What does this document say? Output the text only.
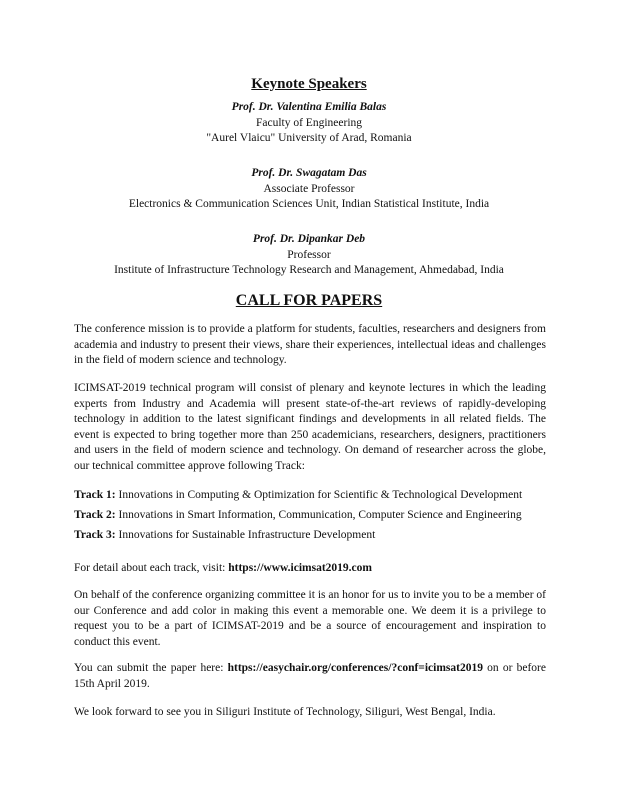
Keynote Speakers
Prof. Dr. Valentina Emilia Balas
Faculty of Engineering
"Aurel Vlaicu" University of Arad, Romania
Prof. Dr. Swagatam Das
Associate Professor
Electronics & Communication Sciences Unit, Indian Statistical Institute, India
Prof. Dr. Dipankar Deb
Professor
Institute of Infrastructure Technology Research and Management, Ahmedabad, India
CALL FOR PAPERS
The conference mission is to provide a platform for students, faculties, researchers and designers from academia and industry to present their views, share their experiences, intellectual ideas and challenges in the field of modern science and technology.
ICIMSAT-2019 technical program will consist of plenary and keynote lectures in which the leading experts from Industry and Academia will present state-of-the-art reviews of rapidly-developing technology in addition to the latest significant findings and developments in all related fields. The event is expected to bring together more than 250 academicians, researchers, designers, practitioners and users in the field of modern science and technology. On demand of researcher across the globe, our technical committee approve following Track:
Track 1: Innovations in Computing & Optimization for Scientific & Technological Development
Track 2: Innovations in Smart Information, Communication, Computer Science and Engineering
Track 3: Innovations for Sustainable Infrastructure Development
For detail about each track, visit: https://www.icimsat2019.com
On behalf of the conference organizing committee it is an honor for us to invite you to be a member of our Conference and add color in making this event a memorable one. We deem it is a privilege to request you to be a part of ICIMSAT-2019 and be a source of encouragement and inspiration to conduct this event.
You can submit the paper here: https://easychair.org/conferences/?conf=icimsat2019 on or before 15th April 2019.
We look forward to see you in Siliguri Institute of Technology, Siliguri, West Bengal, India.
